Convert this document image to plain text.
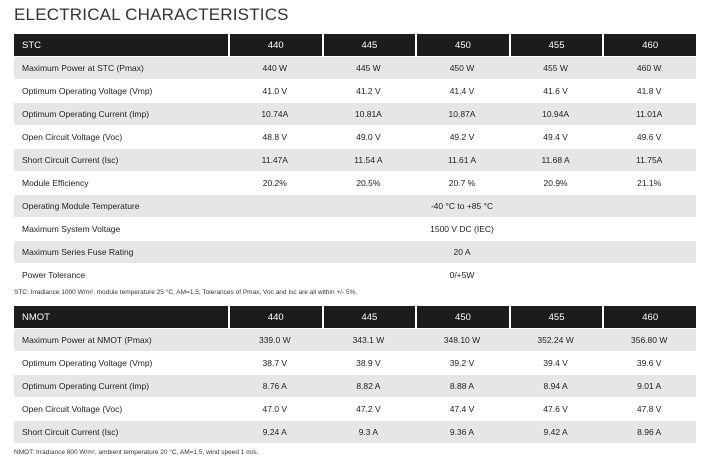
ELECTRICAL CHARACTERISTICS
STC	440	445	450	455	460
Maximum Power at STC (Pmax)	440 W	445 W	450 W	455 W	460 W
Optimum Operating Voltage (Vmp)	41.0 V	41.2 V	41.4 V	41.6 V	41.8 V
Optimum Operating Current (Imp)	10.74A	10.81A	10.87A	10.94A	11.01A
Open Circuit Voltage (Voc)	48.8 V	49.0 V	49.2 V	49.4 V	49.6 V
Short Circuit Current (Isc)	11.47A	11.54 A	11.61 A	11.68 A	11.75A
Module Efficiency	20.2%	20.5%	20.7 %	20.9%	21.1%
Operating Module Temperature	-40 °C to +85 °C				
Maximum System Voltage	1500 V DC (IEC)				
Maximum Series Fuse Rating	20 A				
Power Tolerance	0/+5W				
STC: Irradiance 1000 W/m², module temperature 25 °C, AM=1.5; Tolerances of Pmax, Voc and Isc are all within +/- 5%.
NMOT	440	445	450	455	460
Maximum Power at NMOT (Pmax)	339.0 W	343.1 W	348.10 W	352.24 W	356.80 W
Optimum Operating Voltage (Vmp)	38.7 V	38.9 V	39.2 V	39.4 V	39.6 V
Optimum Operating Current (Imp)	8.76 A	8.82 A	8.88 A	8.94 A	9.01 A
Open Circuit Voltage (Voc)	47.0 V	47.2 V	47.4 V	47.6 V	47.8 V
Short Circuit Current (Isc)	9.24 A	9.3 A	9.36 A	9.42 A	8.96 A
NMOT: Irradiance 800 W/m², ambient temperature 20 °C, AM=1.5, wind speed 1 m/s.
